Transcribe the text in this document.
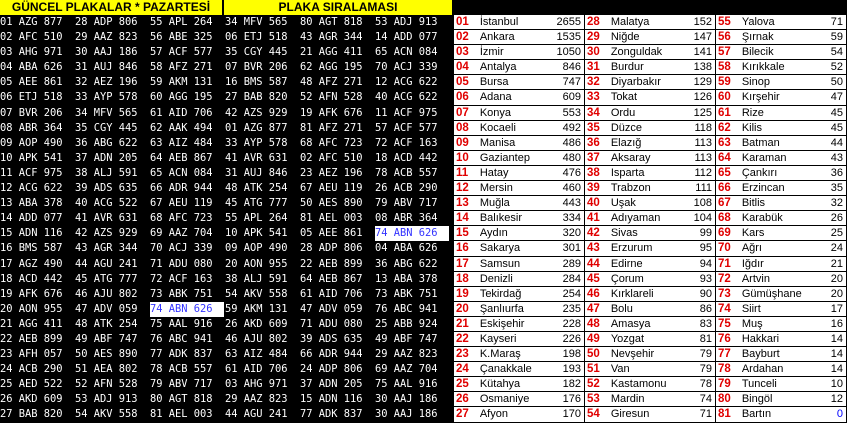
GÜNCEL PLAKALAR * PAZARTESİ	PLAKA SIRALAMASI
01 AZG 877	28 ADP 806	55 APL 264	34 MFV 565	80 AGT 818	53 ADJ 913
02 AFC 510	29 AAZ 823	56 ABE 325	06 ETJ 518	43 AGR 344	14 ADD 077
03 AHG 971	30 AAJ 186	57 ACF 577	35 CGY 445	21 AGG 411	65 ACN 084
04 ABA 626	31 AUJ 846	58 AFZ 271	07 BVR 206	62 AGG 195	70 ACJ 339
05 AEE 861	32 AEZ 196	59 AKM 131	16 BMS 587	48 AFZ 271	12 ACG 622
06 ETJ 518	33 AYP 578	60 AGG 195	27 BAB 820	52 AFN 528	40 ACG 622
07 BVR 206	34 MFV 565	61 AID 706	42 AZS 929	19 AFK 676	11 ACF 975
08 ABR 364	35 CGY 445	62 AAK 494	01 AZG 877	81 AFZ 271	57 ACF 577
09 AOP 490	36 ABG 622	63 AIZ 484	33 AYP 578	68 AFC 723	72 ACF 163
10 APK 541	37 ADN 205	64 AEB 867	41 AVR 631	02 AFC 510	18 ACD 442
11 ACF 975	38 ALJ 591	65 ACN 084	31 AUJ 846	23 AEZ 196	78 ACB 557
12 ACG 622	39 ADS 635	66 ADR 944	48 ATK 254	67 AEU 119	26 ACB 290
13 ABA 378	40 ACG 522	67 AEU 119	45 ATG 777	50 AES 890	79 ABV 717
14 ADD 077	41 AVR 631	68 AFC 723	55 APL 264	81 AEL 003	08 ABR 364
15 ADN 116	42 AZS 929	69 AAZ 704	10 APK 541	05 AEE 861	74 ABN 626
16 BMS 587	43 AGR 344	70 ACJ 339	09 AOP 490	28 ADP 806	04 ABA 626
17 AGZ 490	44 AGU 241	71 ADU 080	20 AON 955	22 AEB 899	36 ABG 622
18 ACD 442	45 ATG 777	72 ACF 163	38 ALJ 591	64 AEB 867	13 ABA 378
19 AFK 676	46 AJU 802	73 ABK 751	54 AKV 558	61 AID 706	73 ABK 751
20 AON 955	47 ADV 059	74 ABN 626	59 AKM 131	47 ADV 059	76 ABC 941
21 AGG 411	48 ATK 254	75 AAL 916	26 AKD 609	71 ADU 080	25 ABB 924
22 AEB 899	49 ABF 747	76 ABC 941	46 AJU 802	39 ADS 635	49 ABF 747
23 AFH 057	50 AES 890	77 ADK 837	63 AIZ 484	66 ADR 944	29 AAZ 823
24 ACB 290	51 AEA 802	78 ACB 557	61 AID 706	24 ADP 806	69 AAZ 704
25 AED 522	52 AFN 528	79 ABV 717	03 AHG 971	37 ADN 205	75 AAL 916
26 AKD 609	53 ADJ 913	80 AGT 818	29 AAZ 823	15 ADN 116	30 AAJ 186
27 BAB 820	54 AKV 558	81 AEL 003	44 AGU 241	77 ADK 837	30 AAJ 186
01	İstanbul	2655 28	Malatya	152 55	Yalova	71
02	Ankara	1535 29	Niğde	147 56	Şırnak	59
03	İzmir	1050 30	Zonguldak	141 57	Bilecik	54
04	Antalya	846 31	Burdur	138 58	Kırıkkale	52
05	Bursa	747 32	Diyarbakır	129 59	Sinop	50
06	Adana	609 33	Tokat	126 60	Kırşehir	47
07	Konya	553 34	Ordu	125 61	Rize	45
08	Kocaeli	492 35	Düzce	118 62	Kilis	45
09	Manisa	486 36	Elazığ	113 63	Batman	44
10	Gaziantep	480 37	Aksaray	113 64	Karaman	43
11	Hatay	476 38	Isparta	112 65	Çankırı	36
12	Mersin	460 39	Trabzon	111 66	Erzincan	35
13	Muğla	443 40	Uşak	108 67	Bitlis	32
14	Balıkesir	334 41	Adıyaman	104 68	Karabük	26
15	Aydın	320 42	Sivas	99 69	Kars	25
16	Sakarya	301 43	Erzurum	95 70	Ağrı	24
17	Samsun	289 44	Edirne	94 71	Iğdır	21
18	Denizli	284 45	Çorum	93 72	Artvin	20
19	Tekirdağ	254 46	Kırklareli	90 73	Gümüşhane	20
20	Şanlıurfa	235 47	Bolu	86 74	Siirt	17
21	Eskişehir	228 48	Amasya	83 75	Muş	16
22	Kayseri	226 49	Yozgat	81 76	Hakkari	14
23	K.Maraş	198 50	Nevşehir	79 77	Bayburt	14
24	Çanakkale	193 51	Van	79 78	Ardahan	14
25	Kütahya	182 52	Kastamonu	78 79	Tunceli	10
26	Osmaniye	176 53	Mardin	74 80	Bingöl	12
27	Afyon	170 54	Giresun	71 81	Bartın	0
